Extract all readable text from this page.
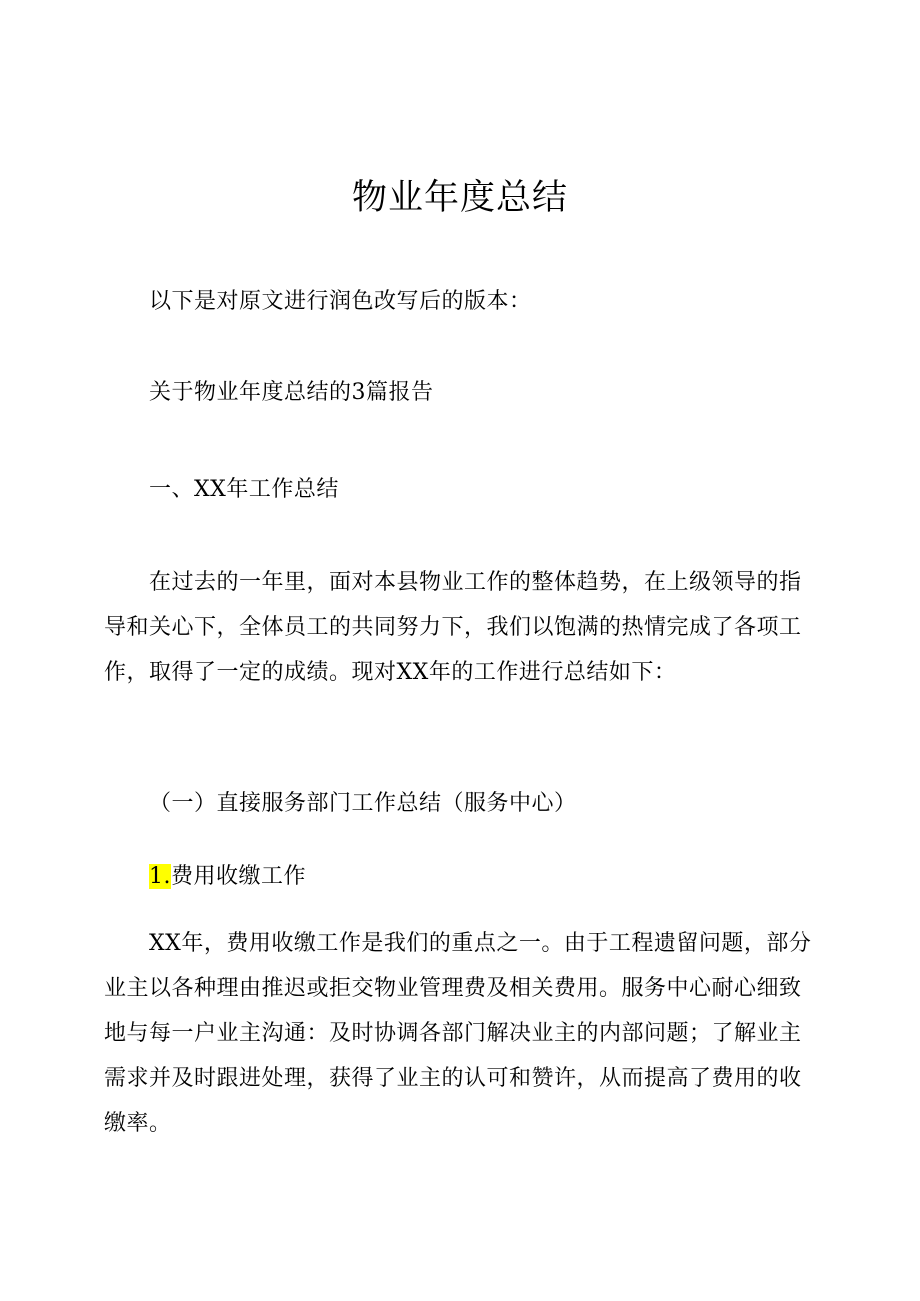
物业年度总结

以下是对原文进行润色改写后的版本：

关于物业年度总结的3篇报告

一、XX年工作总结

在过去的一年里，面对本县物业工作的整体趋势，在上级领导的指导和关心下，全体员工的共同努力下，我们以饱满的热情完成了各项工作，取得了一定的成绩。现对XX年的工作进行总结如下：

（一）直接服务部门工作总结（服务中心）

1.费用收缴工作

XX年，费用收缴工作是我们的重点之一。由于工程遗留问题，部分业主以各种理由推迟或拒交物业管理费及相关费用。服务中心耐心细致地与每一户业主沟通：及时协调各部门解决业主的内部问题；了解业主需求并及时跟进处理，获得了业主的认可和赞许，从而提高了费用的收缴率。
